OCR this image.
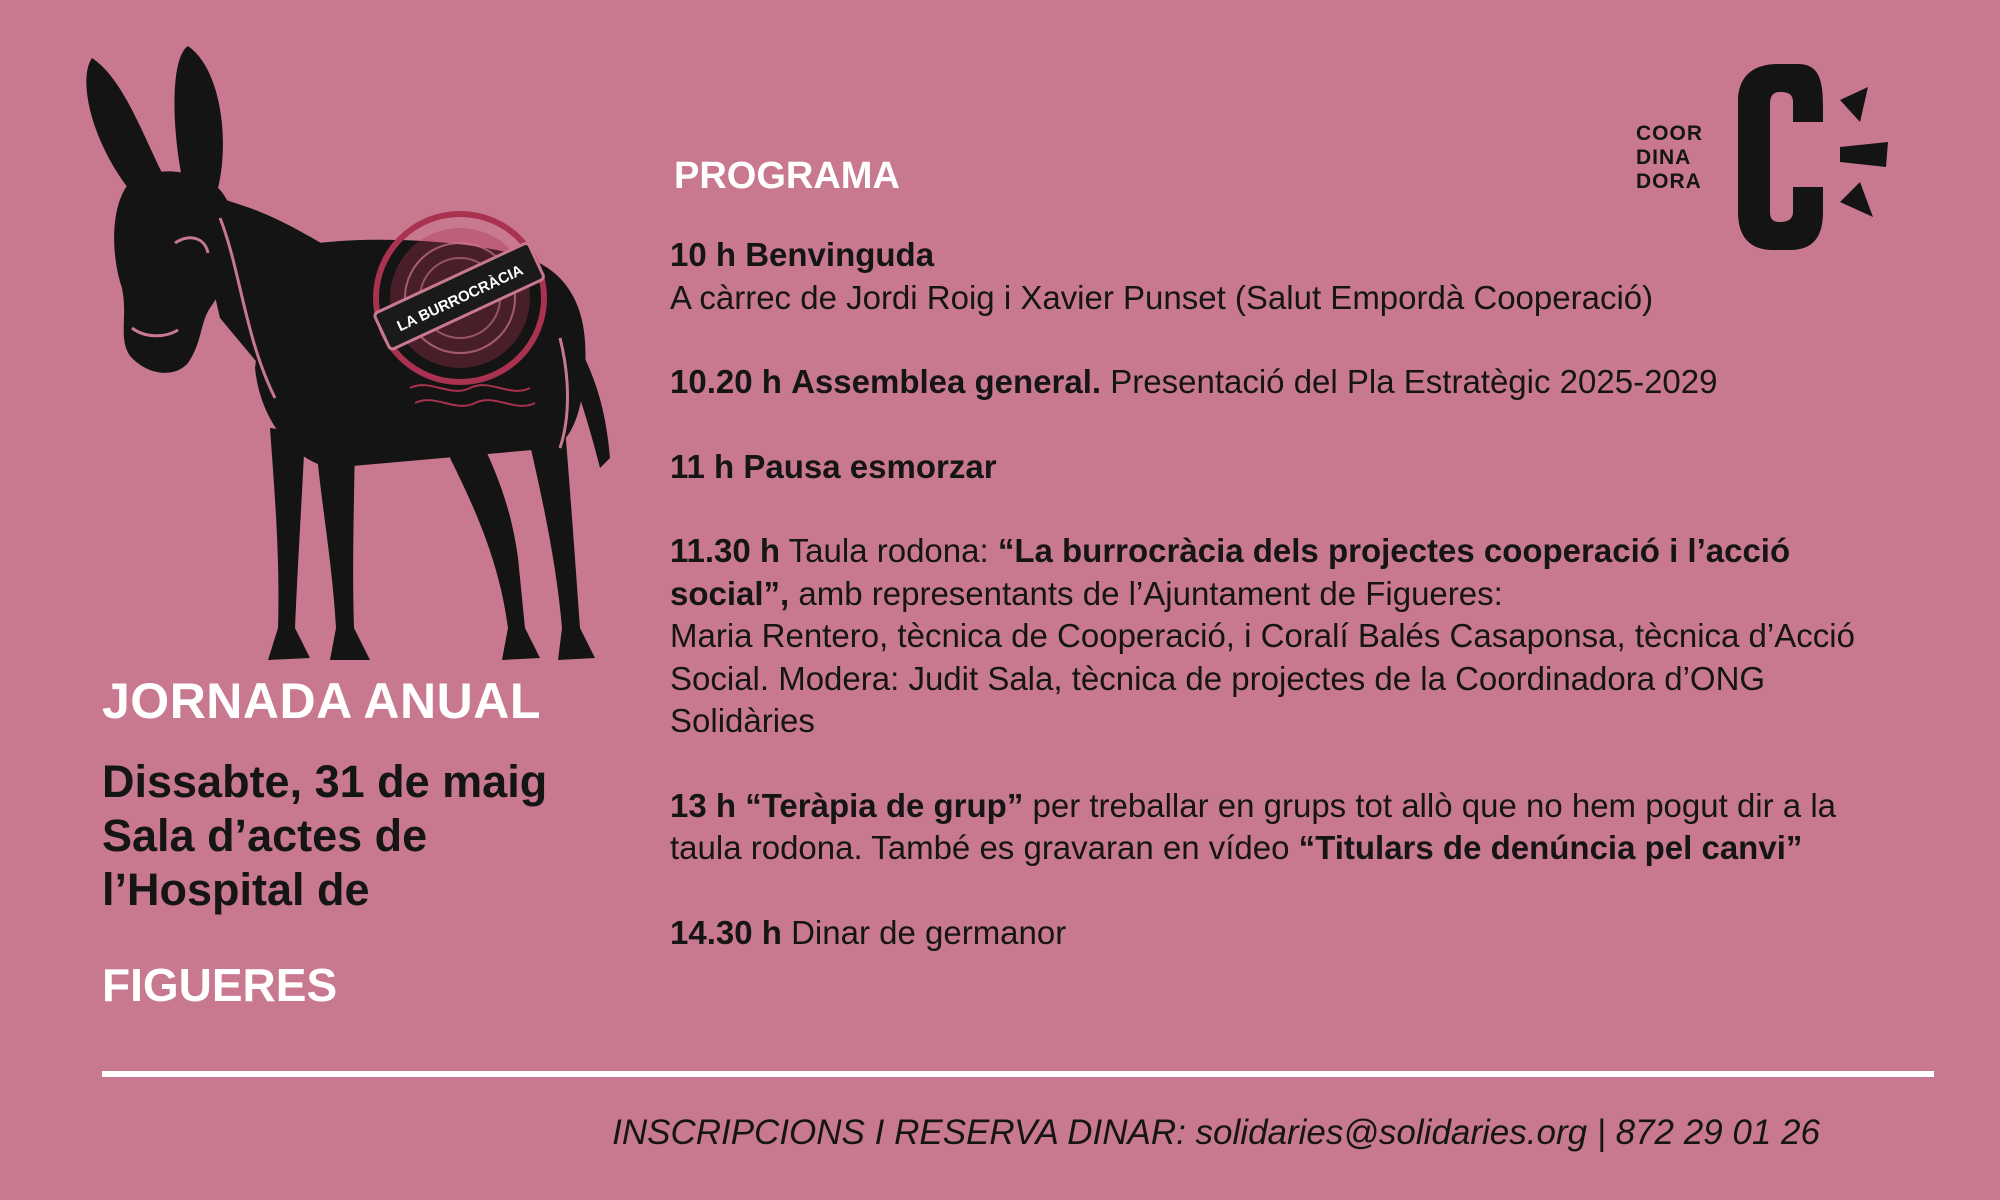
LA BURROCRÀCIA
JORNADA ANUAL
Dissabte, 31 de maig
Sala d’actes de
l’Hospital de
FIGUERES
COOR
DINA
DORA
PROGRAMA

10 h Benvinguda
A càrrec de Jordi Roig i Xavier Punset (Salut Empordà Cooperació)

10.20 h Assemblea general. Presentació del Pla Estratègic 2025-2029

11 h Pausa esmorzar

11.30 h Taula rodona: “La burrocràcia dels projectes cooperació i l’acció social”, amb representants de l’Ajuntament de Figueres:
Maria Rentero, tècnica de Cooperació, i Coralí Balés Casaponsa, tècnica d’Acció Social. Modera: Judit Sala, tècnica de projectes de la Coordinadora d’ONG Solidàries

13 h “Teràpia de grup” per treballar en grups tot allò que no hem pogut dir a la taula rodona. També es gravaran en vídeo “Titulars de denúncia pel canvi”

14.30 h Dinar de germanor

INSCRIPCIONS I RESERVA DINAR: solidaries@solidaries.org | 872 29 01 26
